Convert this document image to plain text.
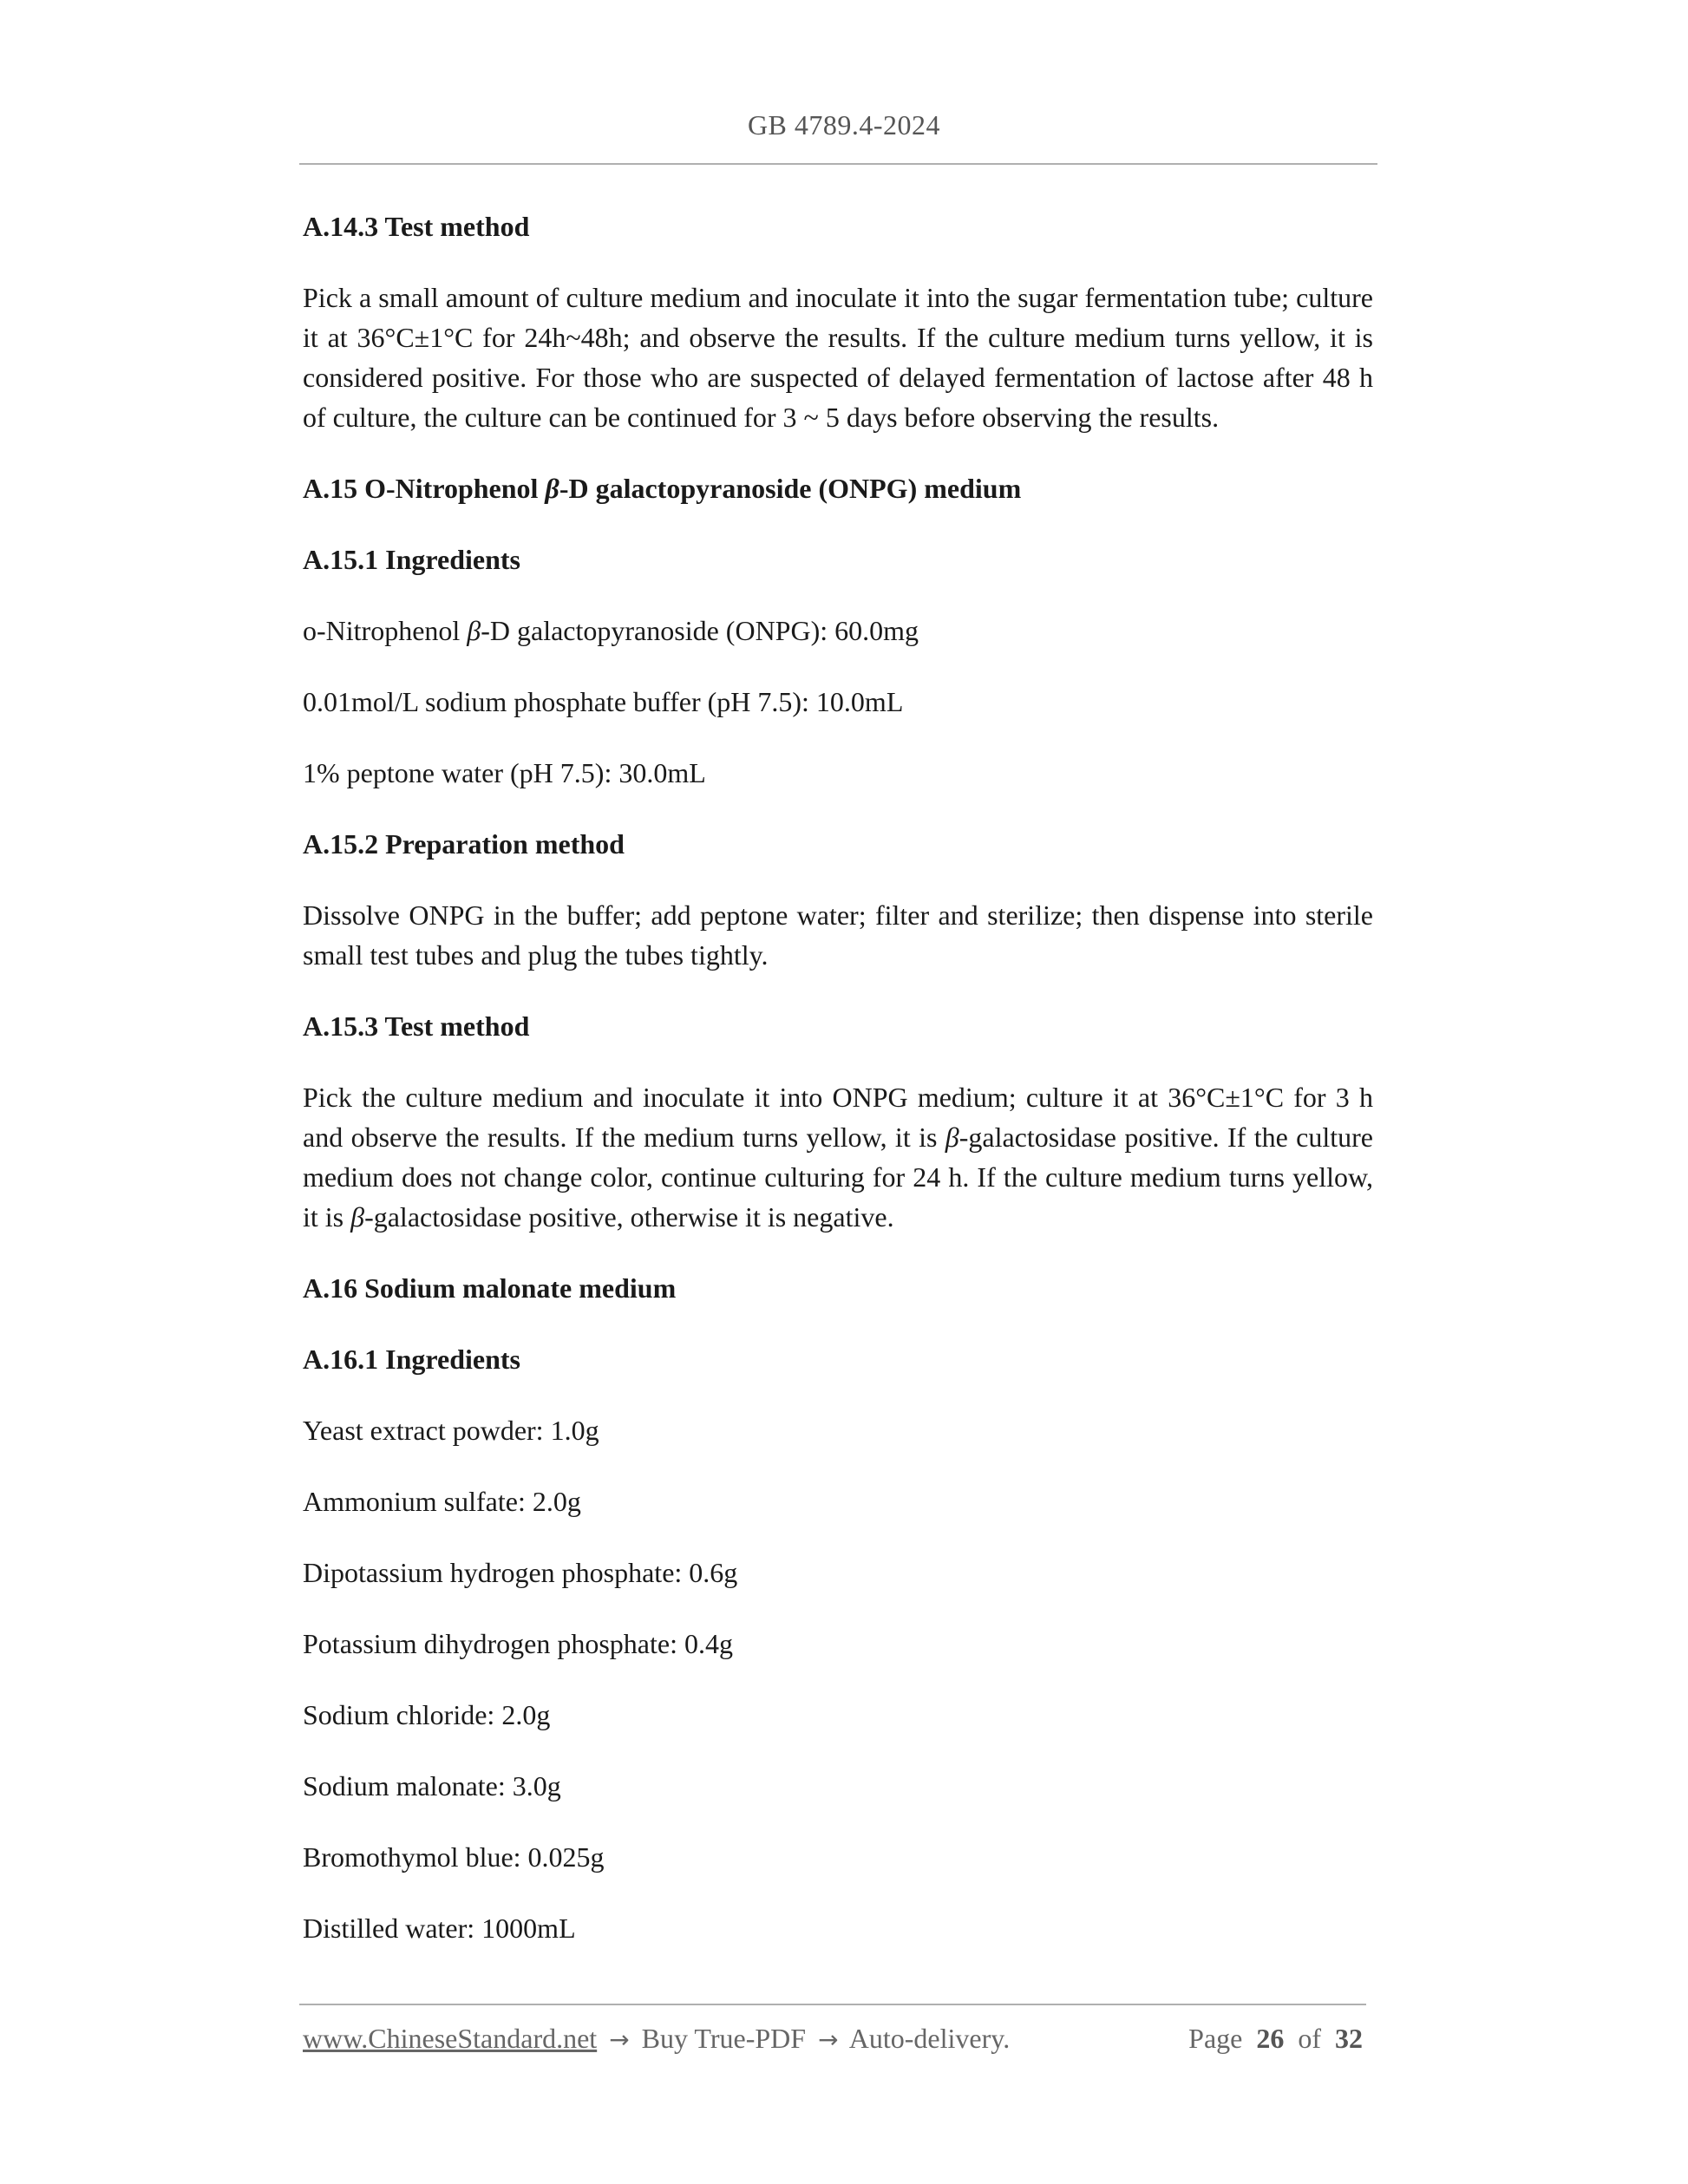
GB 4789.4-2024
A.14.3 Test method

Pick a small amount of culture medium and inoculate it into the sugar fermentation tube; culture it at 36°C±1°C for 24h~48h; and observe the results. If the culture medium turns yellow, it is considered positive. For those who are suspected of delayed fermentation of lactose after 48 h of culture, the culture can be continued for 3 ~ 5 days before observing the results.

A.15 O-Nitrophenol β-D galactopyranoside (ONPG) medium
A.15.1 Ingredients

o-Nitrophenol β-D galactopyranoside (ONPG): 60.0mg

0.01mol/L sodium phosphate buffer (pH 7.5): 10.0mL

1% peptone water (pH 7.5): 30.0mL

A.15.2 Preparation method

Dissolve ONPG in the buffer; add peptone water; filter and sterilize; then dispense into sterile small test tubes and plug the tubes tightly.

A.15.3 Test method

Pick the culture medium and inoculate it into ONPG medium; culture it at 36°C±1°C for 3 h and observe the results. If the medium turns yellow, it is β-galactosidase positive. If the culture medium does not change color, continue culturing for 24 h. If the culture medium turns yellow, it is β-galactosidase positive, otherwise it is negative.

A.16 Sodium malonate medium
A.16.1 Ingredients

Yeast extract powder: 1.0g

Ammonium sulfate: 2.0g

Dipotassium hydrogen phosphate: 0.6g

Potassium dihydrogen phosphate: 0.4g

Sodium chloride: 2.0g

Sodium malonate: 3.0g

Bromothymol blue: 0.025g

Distilled water: 1000mL

www.ChineseStandard.net → Buy True-PDF → Auto-delivery.	Page 26 of 32
